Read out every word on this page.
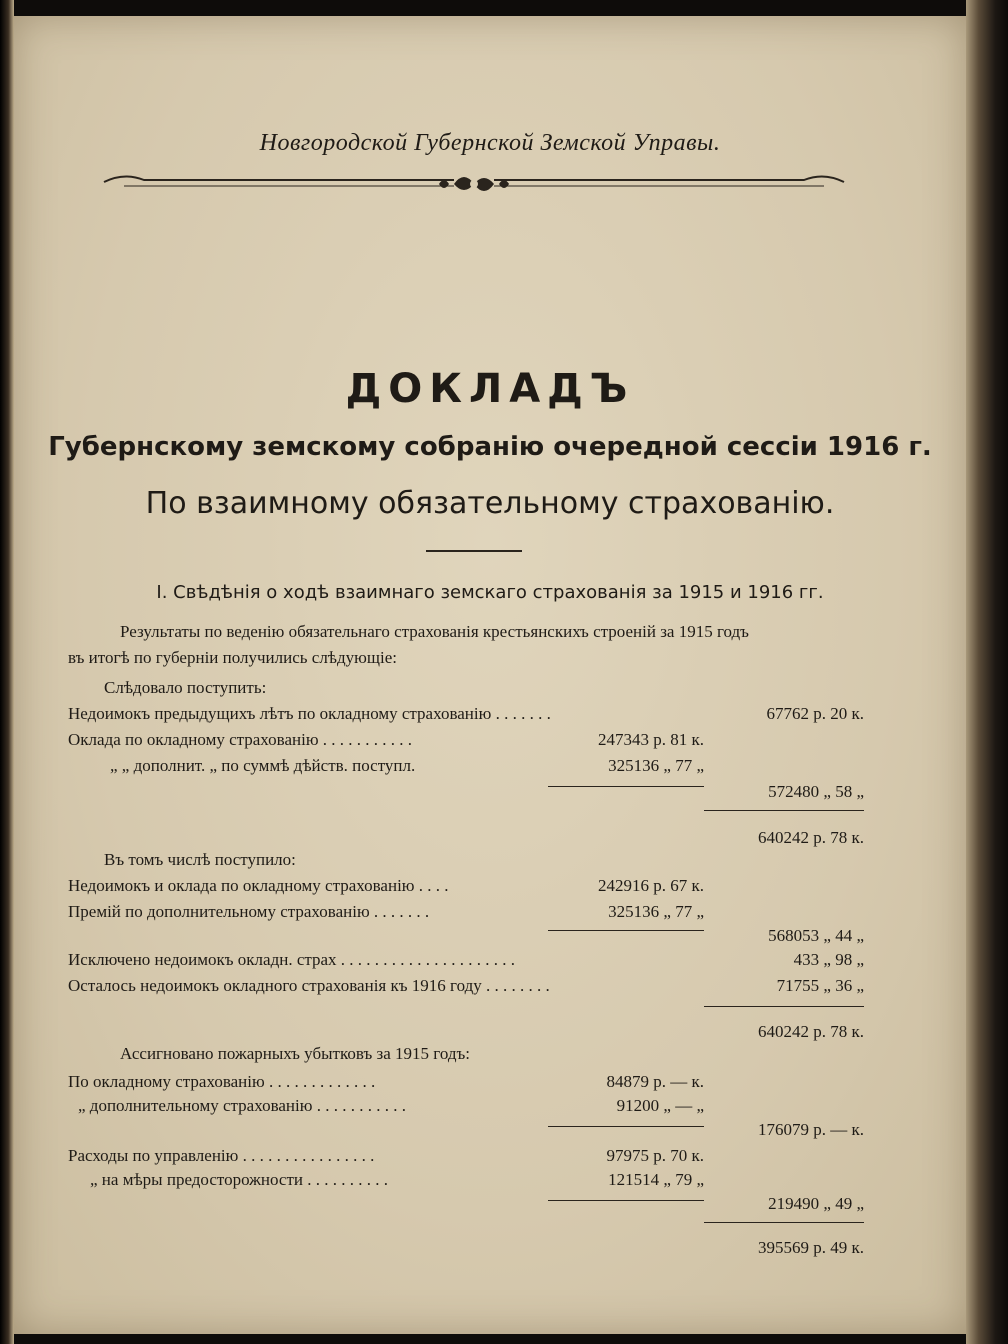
Новгородской Губернской Земской Управы.
ДОКЛАДЪ
Губернскому земскому собранію очередной сессіи 1916 г.
По взаимному обязательному страхованію.
I. Свѣдѣнія о ходѣ взаимнаго земскаго страхованія за 1915 и 1916 гг.
Результаты по веденію обязательнаго страхованія крестьянскихъ строеній за 1915 годъ
въ итогѣ по губерніи получились слѣдующіе:
Слѣдовало поступить:
Недоимокъ предыдущихъ лѣтъ по окладному страхованію . . . . . . .	67762 р. 20 к.
Оклада по окладному страхованію . . . . . . . . . . .	247343 р. 81 к.
„ „ дополнит. „ по суммѣ дѣйств. поступл.	325136 „ 77 „
572480 „ 58 „
640242 р. 78 к.
Въ томъ числѣ поступило:
Недоимокъ и оклада по окладному страхованію . . . .	242916 р. 67 к.
Премій по дополнительному страхованію . . . . . . .	325136 „ 77 „
568053 „ 44 „
Исключено недоимокъ окладн. страх . . . . . . . . . . . . . . . . . . . . .	433 „ 98 „
Осталось недоимокъ окладного страхованія къ 1916 году . . . . . . . .	71755 „ 36 „
640242 р. 78 к.
Ассигновано пожарныхъ убытковъ за 1915 годъ:
По окладному страхованію . . . . . . . . . . . . .	84879 р. — к.
„ дополнительному страхованію . . . . . . . . . . .	91200 „ — „
176079 р. — к.
Расходы по управленію . . . . . . . . . . . . . . . .	97975 р. 70 к.
„ на мѣры предосторожности . . . . . . . . . .	121514 „ 79 „
219490 „ 49 „
395569 р. 49 к.
